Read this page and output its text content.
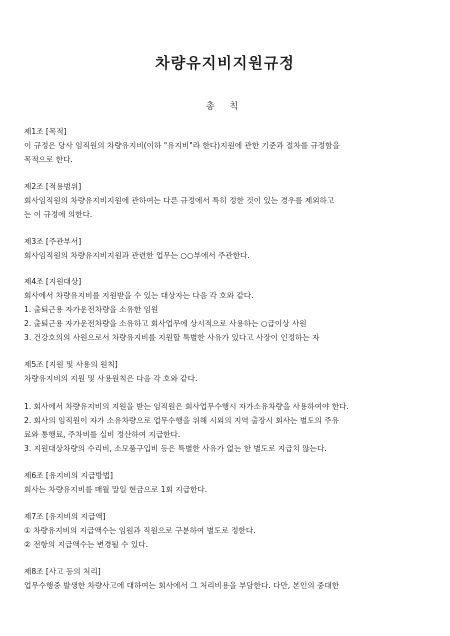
차량유지비지원규정
총 칙
제1조 [목적]
이 규정은 당사 임직원의 차량유지비(이하 "유지비"라 한다)지원에 관한 기준과 절차를 규정함을
목적으로 한다.
제2조 [적용범위]
회사임직원의 차량유지비지원에 관하여는 다른 규정에서 특히 정한 것이 있는 경우를 제외하고
는 이 규정에 의한다.
제3조 [주관부서]
회사임직원의 차량유지비지원과 관련한 업무는 ○○부에서 주관한다.
제4조 [지원대상]
회사에서 차량유지비를 지원받을 수 있는 대상자는 다음 각 호와 같다.
1. 출퇴근용 자가운전차량을 소유한 임원
2. 출퇴근용 자가운전차량을 소유하고 회사업무에 상시적으로 사용하는 ○급이상 사원
3. 건강호의의 사원으로서 차량유지비를 지원할 특별한 사유가 있다고 사장이 인정하는 자
제5조 [지원 및 사용의 원칙]
차량유지비의 지원 및 사용원칙은 다음 각 호와 같다.
1. 회사에서 차량유지비의 지원을 받는 임직원은 회사업무수행시 자가소유차량을 사용하여야 한다.
2. 회사의 임직원이 자가 소유차량으로 업무수행을 위해 시외의 지역 출장시 회사는 별도의 주유
료와 통행료, 주차비를 실비 정산하여 지급한다.
3. 지원대상차량의 수리비, 소모품구입비 등은 특별한 사유가 없는 한 별도로 지급치 않는다.
제6조 [유지비의 지급방법]
회사는 차량유지비를 매월 말일 현금으로 1회 지급한다.
제7조 [유지비의 지급액]
① 차량유지비의 지급액수는 임원과 직원으로 구분하여 별도로 정한다.
② 전항의 지급액수는 변경될 수 있다.
제8조 [사고 등의 처리]
업무수행중 발생한 차량사고에 대하여는 회사에서 그 처리비용을 부담한다. 다만, 본인의 중대한
